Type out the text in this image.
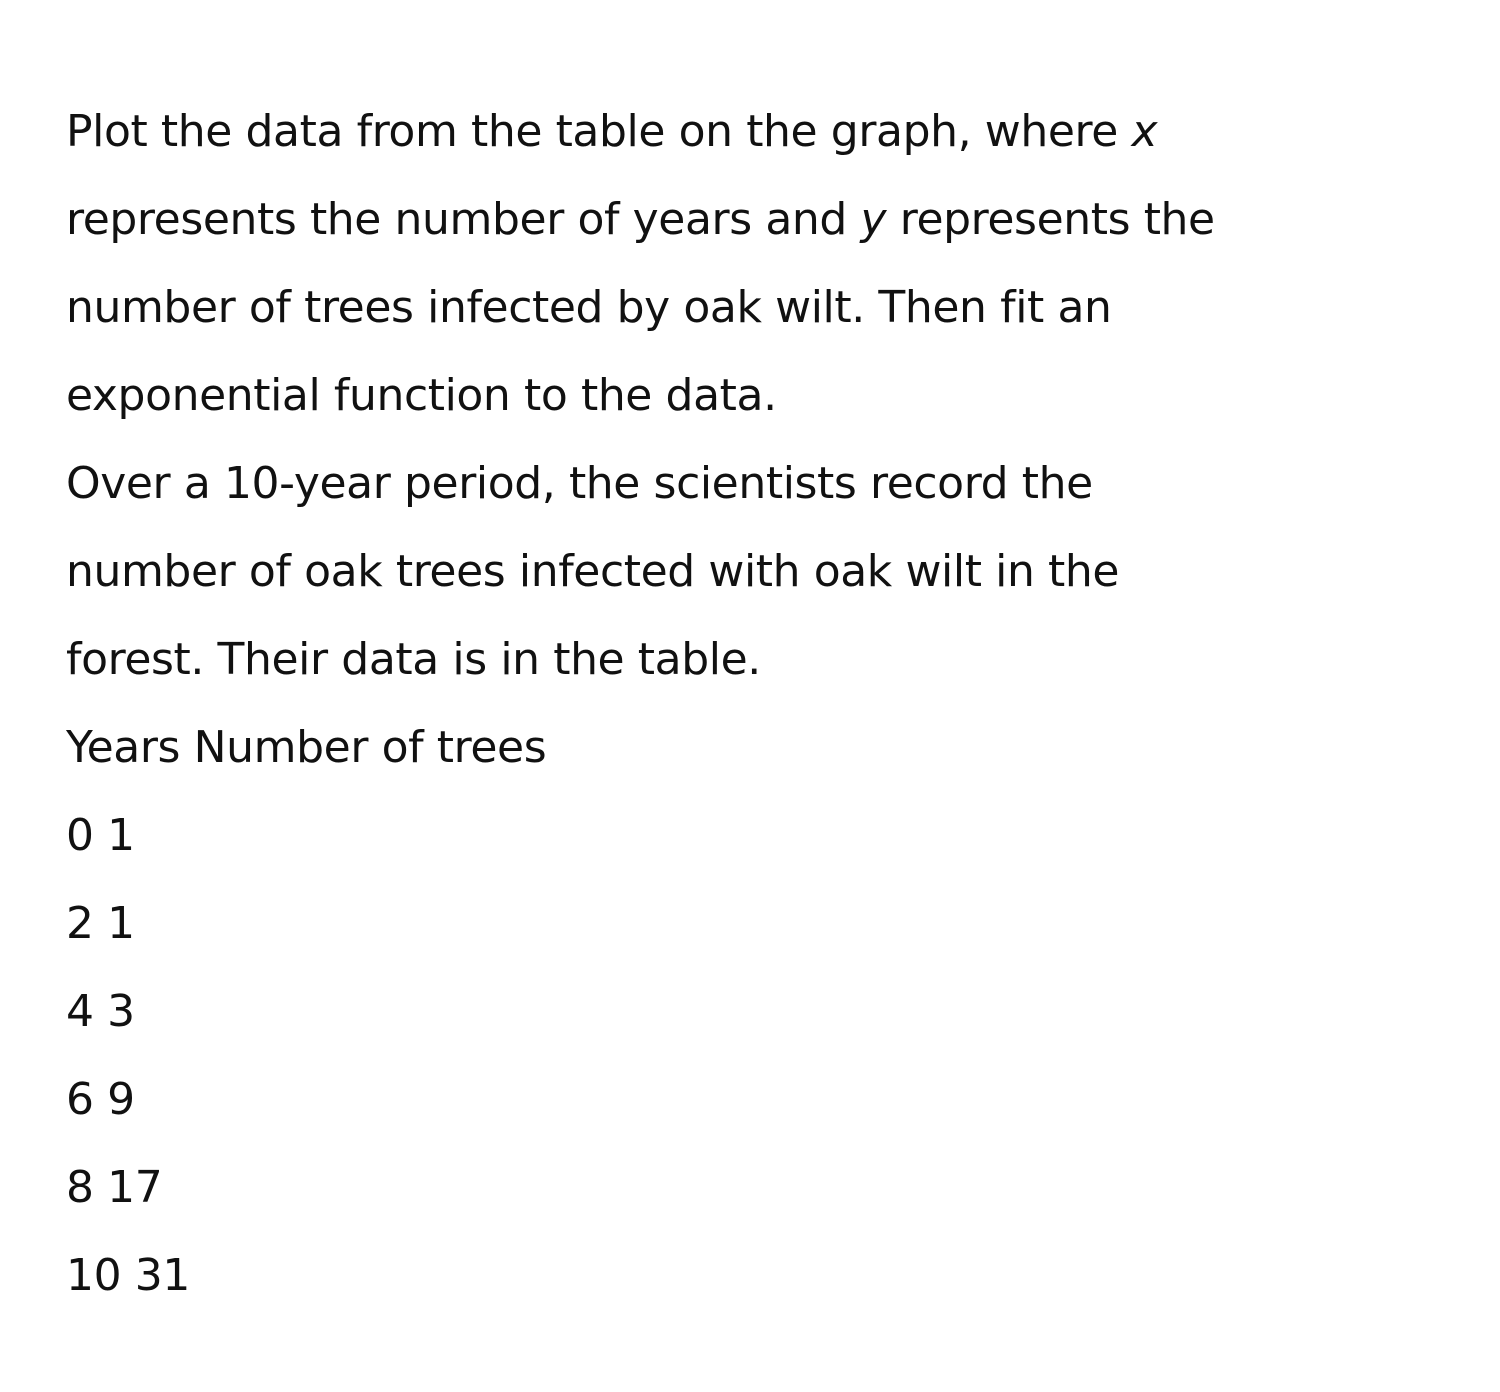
Plot the data from the table on the graph, where x
represents the number of years and y represents the
number of trees infected by oak wilt. Then fit an
exponential function to the data.
Over a 10-year period, the scientists record the
number of oak trees infected with oak wilt in the
forest. Their data is in the table.
Years Number of trees
0 1
2 1
4 3
6 9
8 17
10 31
